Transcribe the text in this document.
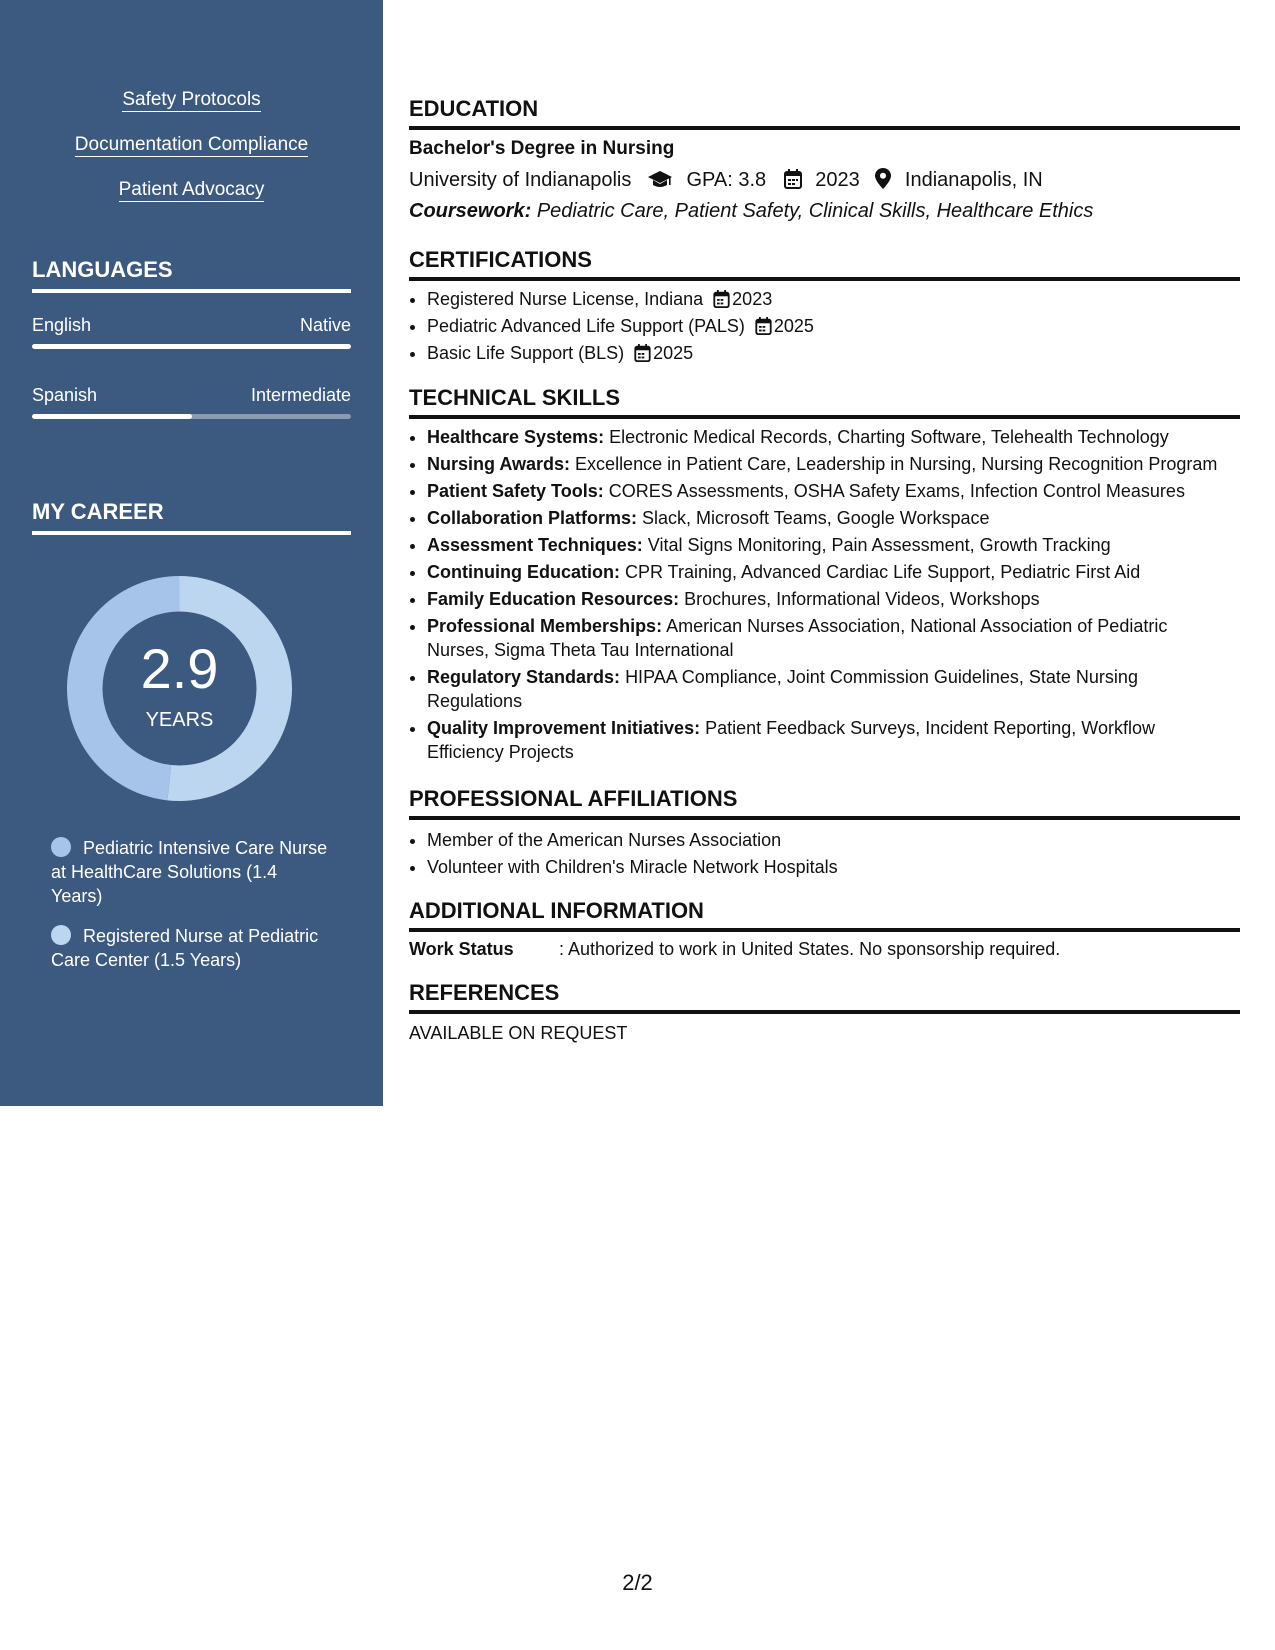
Safety Protocols
Documentation Compliance
Patient Advocacy
LANGUAGES
English	Native
Spanish	Intermediate
MY CAREER
2.9
YEARS
Pediatric Intensive Care Nurse at HealthCare Solutions (1.4 Years)
Registered Nurse at Pediatric Care Center (1.5 Years)
EDUCATION
Bachelor's Degree in Nursing
University of Indianapolis	GPA: 3.8 2023 Indianapolis, IN
Coursework: Pediatric Care, Patient Safety, Clinical Skills, Healthcare Ethics
CERTIFICATIONS
• Registered Nurse License, Indiana 2023
• Pediatric Advanced Life Support (PALS) 2025
• Basic Life Support (BLS) 2025
TECHNICAL SKILLS
• Healthcare Systems: Electronic Medical Records, Charting Software, Telehealth Technology
• Nursing Awards: Excellence in Patient Care, Leadership in Nursing, Nursing Recognition Program
• Patient Safety Tools: CORES Assessments, OSHA Safety Exams, Infection Control Measures
• Collaboration Platforms: Slack, Microsoft Teams, Google Workspace
• Assessment Techniques: Vital Signs Monitoring, Pain Assessment, Growth Tracking
• Continuing Education: CPR Training, Advanced Cardiac Life Support, Pediatric First Aid
• Family Education Resources: Brochures, Informational Videos, Workshops
• Professional Memberships: American Nurses Association, National Association of Pediatric
Nurses, Sigma Theta Tau International
• Regulatory Standards: HIPAA Compliance, Joint Commission Guidelines, State Nursing
Regulations
• Quality Improvement Initiatives: Patient Feedback Surveys, Incident Reporting, Workflow
Efficiency Projects
PROFESSIONAL AFFILIATIONS
• Member of the American Nurses Association
• Volunteer with Children's Miracle Network Hospitals
ADDITIONAL INFORMATION
Work Status	: Authorized to work in United States. No sponsorship required.
REFERENCES
AVAILABLE ON REQUEST
2/2
